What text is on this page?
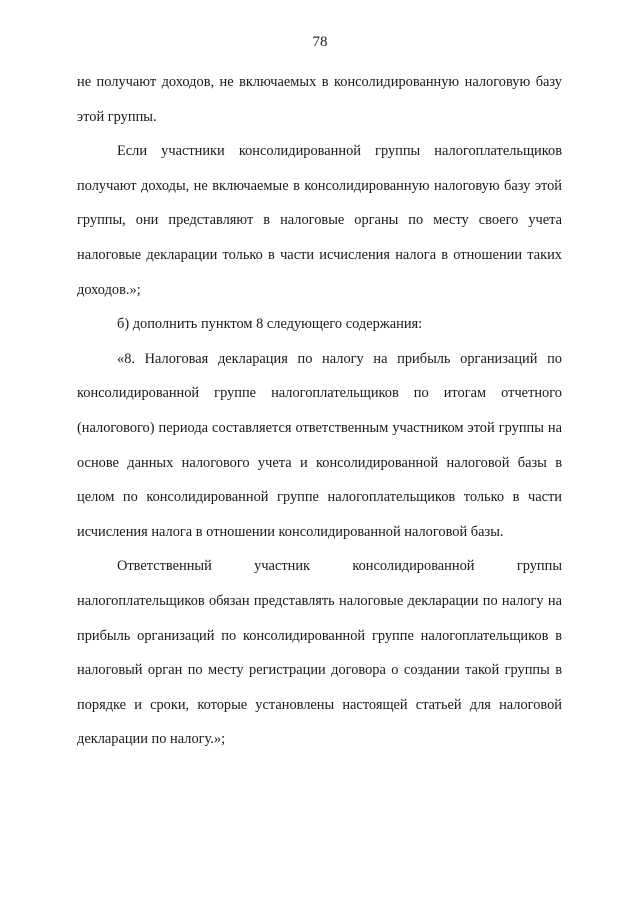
78

не получают доходов, не включаемых в консолидированную налоговую базу этой группы.

Если участники консолидированной группы налогоплательщиков получают доходы, не включаемые в консолидированную налоговую базу этой группы, они представляют в налоговые органы по месту своего учета налоговые декларации только в части исчисления налога в отношении таких доходов.»;

б) дополнить пунктом 8 следующего содержания:

«8. Налоговая декларация по налогу на прибыль организаций по консолидированной группе налогоплательщиков по итогам отчетного (налогового) периода составляется ответственным участником этой группы на основе данных налогового учета и консолидированной налоговой базы в целом по консолидированной группе налогоплательщиков только в части исчисления налога в отношении консолидированной налоговой базы.

Ответственный участник консолидированной группы налогоплательщиков обязан представлять налоговые декларации по налогу на прибыль организаций по консолидированной группе налогоплательщиков в налоговый орган по месту регистрации договора о создании такой группы в порядке и сроки, которые установлены настоящей статьей для налоговой декларации по налогу.»;
